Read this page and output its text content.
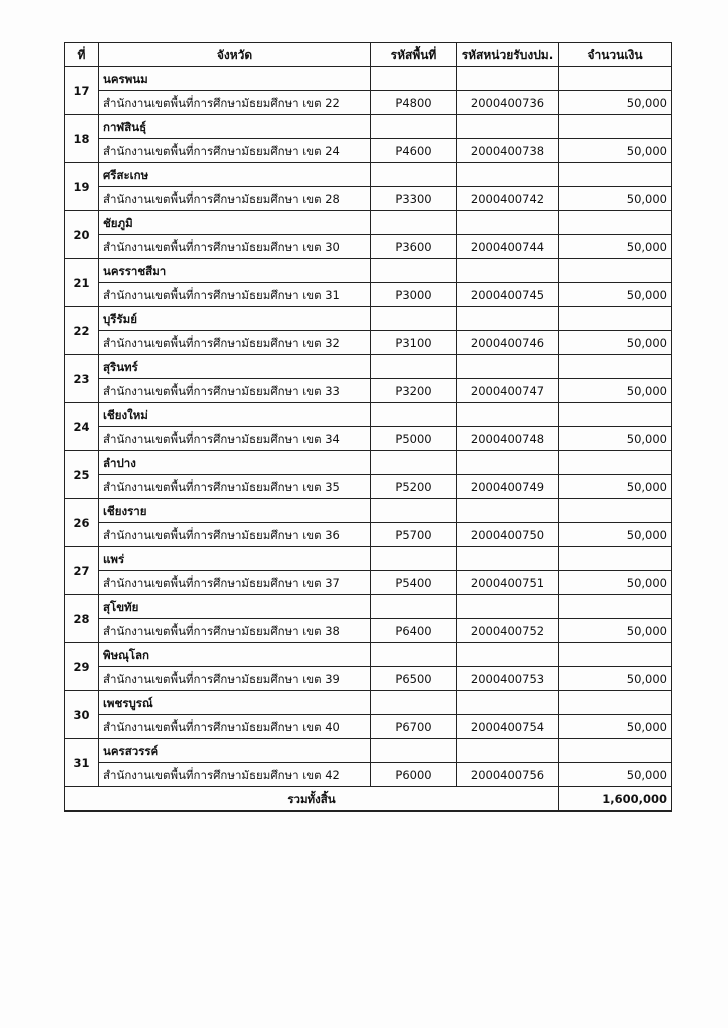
ที่	จังหวัด	รหัสพื้นที่	รหัสหน่วยรับงปม.	จำนวนเงิน
17	นครพนม			
	สำนักงานเขตพื้นที่การศึกษามัธยมศึกษา เขต 22	P4800	2000400736	50,000
18	กาฬสินธุ์			
	สำนักงานเขตพื้นที่การศึกษามัธยมศึกษา เขต 24	P4600	2000400738	50,000
19	ศรีสะเกษ			
	สำนักงานเขตพื้นที่การศึกษามัธยมศึกษา เขต 28	P3300	2000400742	50,000
20	ชัยภูมิ			
	สำนักงานเขตพื้นที่การศึกษามัธยมศึกษา เขต 30	P3600	2000400744	50,000
21	นครราชสีมา			
	สำนักงานเขตพื้นที่การศึกษามัธยมศึกษา เขต 31	P3000	2000400745	50,000
22	บุรีรัมย์			
	สำนักงานเขตพื้นที่การศึกษามัธยมศึกษา เขต 32	P3100	2000400746	50,000
23	สุรินทร์			
	สำนักงานเขตพื้นที่การศึกษามัธยมศึกษา เขต 33	P3200	2000400747	50,000
24	เชียงใหม่			
	สำนักงานเขตพื้นที่การศึกษามัธยมศึกษา เขต 34	P5000	2000400748	50,000
25	ลำปาง			
	สำนักงานเขตพื้นที่การศึกษามัธยมศึกษา เขต 35	P5200	2000400749	50,000
26	เชียงราย			
	สำนักงานเขตพื้นที่การศึกษามัธยมศึกษา เขต 36	P5700	2000400750	50,000
27	แพร่			
	สำนักงานเขตพื้นที่การศึกษามัธยมศึกษา เขต 37	P5400	2000400751	50,000
28	สุโขทัย			
	สำนักงานเขตพื้นที่การศึกษามัธยมศึกษา เขต 38	P6400	2000400752	50,000
29	พิษณุโลก			
	สำนักงานเขตพื้นที่การศึกษามัธยมศึกษา เขต 39	P6500	2000400753	50,000
30	เพชรบูรณ์			
	สำนักงานเขตพื้นที่การศึกษามัธยมศึกษา เขต 40	P6700	2000400754	50,000
31	นครสวรรค์			
	สำนักงานเขตพื้นที่การศึกษามัธยมศึกษา เขต 42	P6000	2000400756	50,000
รวมทั้งสิ้น				1,600,000
